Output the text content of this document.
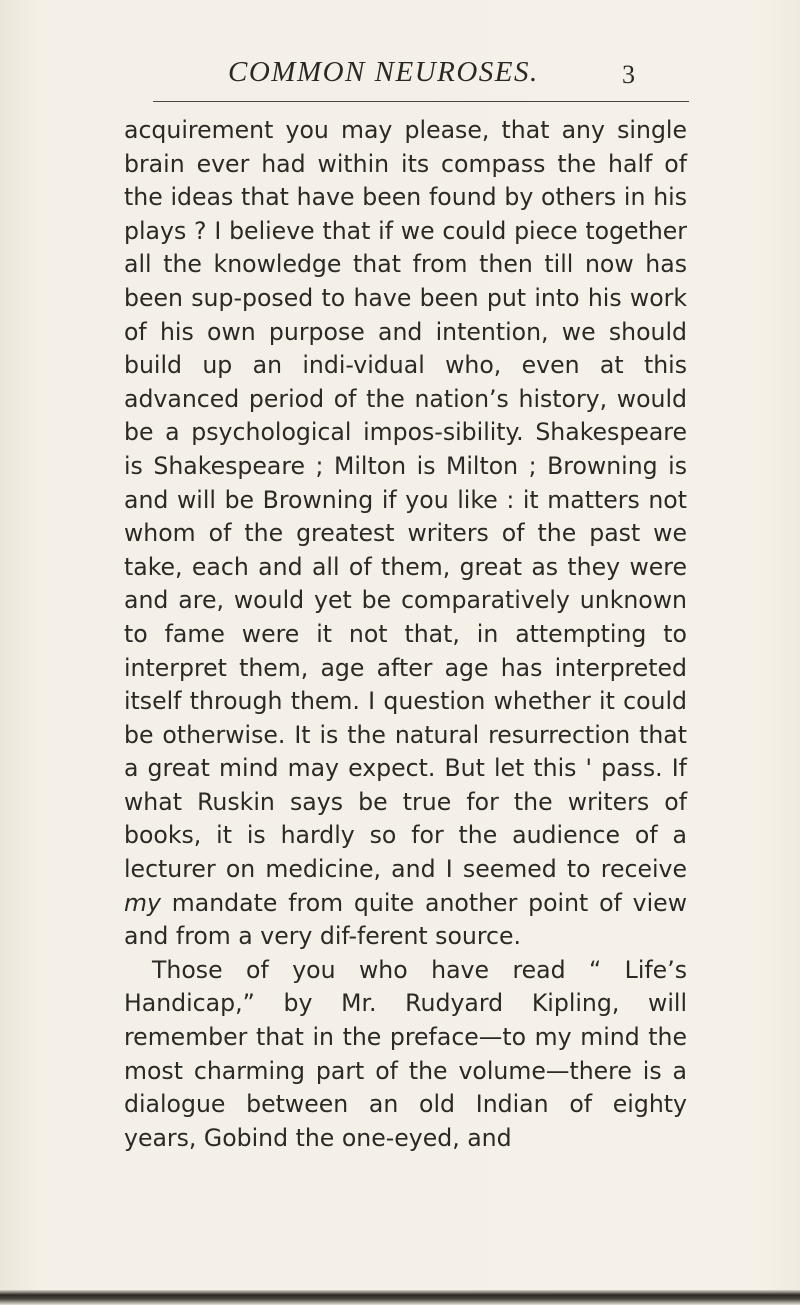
COMMON NEUROSES.	3

acquirement you may please, that any single brain ever had within its compass the half of the ideas that have been found by others in his plays ? I believe that if we could piece together all the knowledge that from then till now has been sup-posed to have been put into his work of his own purpose and intention, we should build up an indi-vidual who, even at this advanced period of the nation’s history, would be a psychological impos-sibility. Shakespeare is Shakespeare ; Milton is Milton ; Browning is and will be Browning if you like : it matters not whom of the greatest writers of the past we take, each and all of them, great as they were and are, would yet be comparatively unknown to fame were it not that, in attempting to interpret them, age after age has interpreted itself through them. I question whether it could be otherwise. It is the natural resurrection that a great mind may expect. But let this ' pass. If what Ruskin says be true for the writers of books, it is hardly so for the audience of a lecturer on medicine, and I seemed to receive my mandate from quite another point of view and from a very dif-ferent source.

Those of you who have read “ Life’s Handicap,” by Mr. Rudyard Kipling, will remember that in the preface—to my mind the most charming part of the volume—there is a dialogue between an old Indian of eighty years, Gobind the one-eyed, and
